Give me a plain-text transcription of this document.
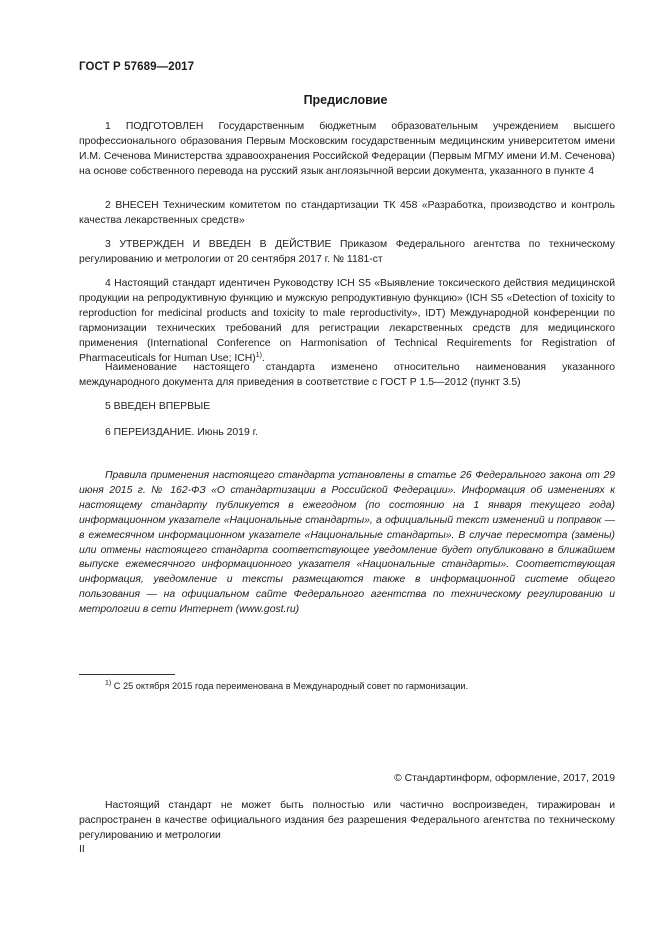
ГОСТ Р 57689—2017
Предисловие
1 ПОДГОТОВЛЕН Государственным бюджетным образовательным учреждением высшего профессионального образования Первым Московским государственным медицинским университетом имени И.М. Сеченова Министерства здравоохранения Российской Федерации (Первым МГМУ имени И.М. Сеченова) на основе собственного перевода на русский язык англоязычной версии документа, указанного в пункте 4
2 ВНЕСЕН Техническим комитетом по стандартизации ТК 458 «Разработка, производство и контроль качества лекарственных средств»
3 УТВЕРЖДЕН И ВВЕДЕН В ДЕЙСТВИЕ Приказом Федерального агентства по техническому регулированию и метрологии от 20 сентября 2017 г. № 1181-ст
4 Настоящий стандарт идентичен Руководству ICH S5 «Выявление токсического действия медицинской продукции на репродуктивную функцию и мужскую репродуктивную функцию» (ICH S5 «Detection of toxicity to reproduction for medicinal products and toxicity to male reproductivity», IDT) Международной конференции по гармонизации технических требований для регистрации лекарственных средств для медицинского применения (International Conference on Harmonisation of Technical Requirements for Registration of Pharmaceuticals for Human Use; ICH)$^{1)}$.
Наименование настоящего стандарта изменено относительно наименования указанного международного документа для приведения в соответствие с ГОСТ Р 1.5—2012 (пункт 3.5)
5 ВВЕДЕН ВПЕРВЫЕ
6 ПЕРЕИЗДАНИЕ. Июнь 2019 г.
Правила применения настоящего стандарта установлены в статье 26 Федерального закона от 29 июня 2015 г. № 162-ФЗ «О стандартизации в Российской Федерации». Информация об изменениях к настоящему стандарту публикуется в ежегодном (по состоянию на 1 января текущего года) информационном указателе «Национальные стандарты», а официальный текст изменений и поправок — в ежемесячном информационном указателе «Национальные стандарты». В случае пересмотра (замены) или отмены настоящего стандарта соответствующее уведомление будет опубликовано в ближайшем выпуске ежемесячного информационного указателя «Национальные стандарты». Соответствующая информация, уведомление и тексты размещаются также в информационной системе общего пользования — на официальном сайте Федерального агентства по техническому регулированию и метрологии в сети Интернет (www.gost.ru)
$^{1)}$ С 25 октября 2015 года переименована в Международный совет по гармонизации.
© Стандартинформ, оформление, 2017, 2019
Настоящий стандарт не может быть полностью или частично воспроизведен, тиражирован и распространен в качестве официального издания без разрешения Федерального агентства по техническому регулированию и метрологии
II
